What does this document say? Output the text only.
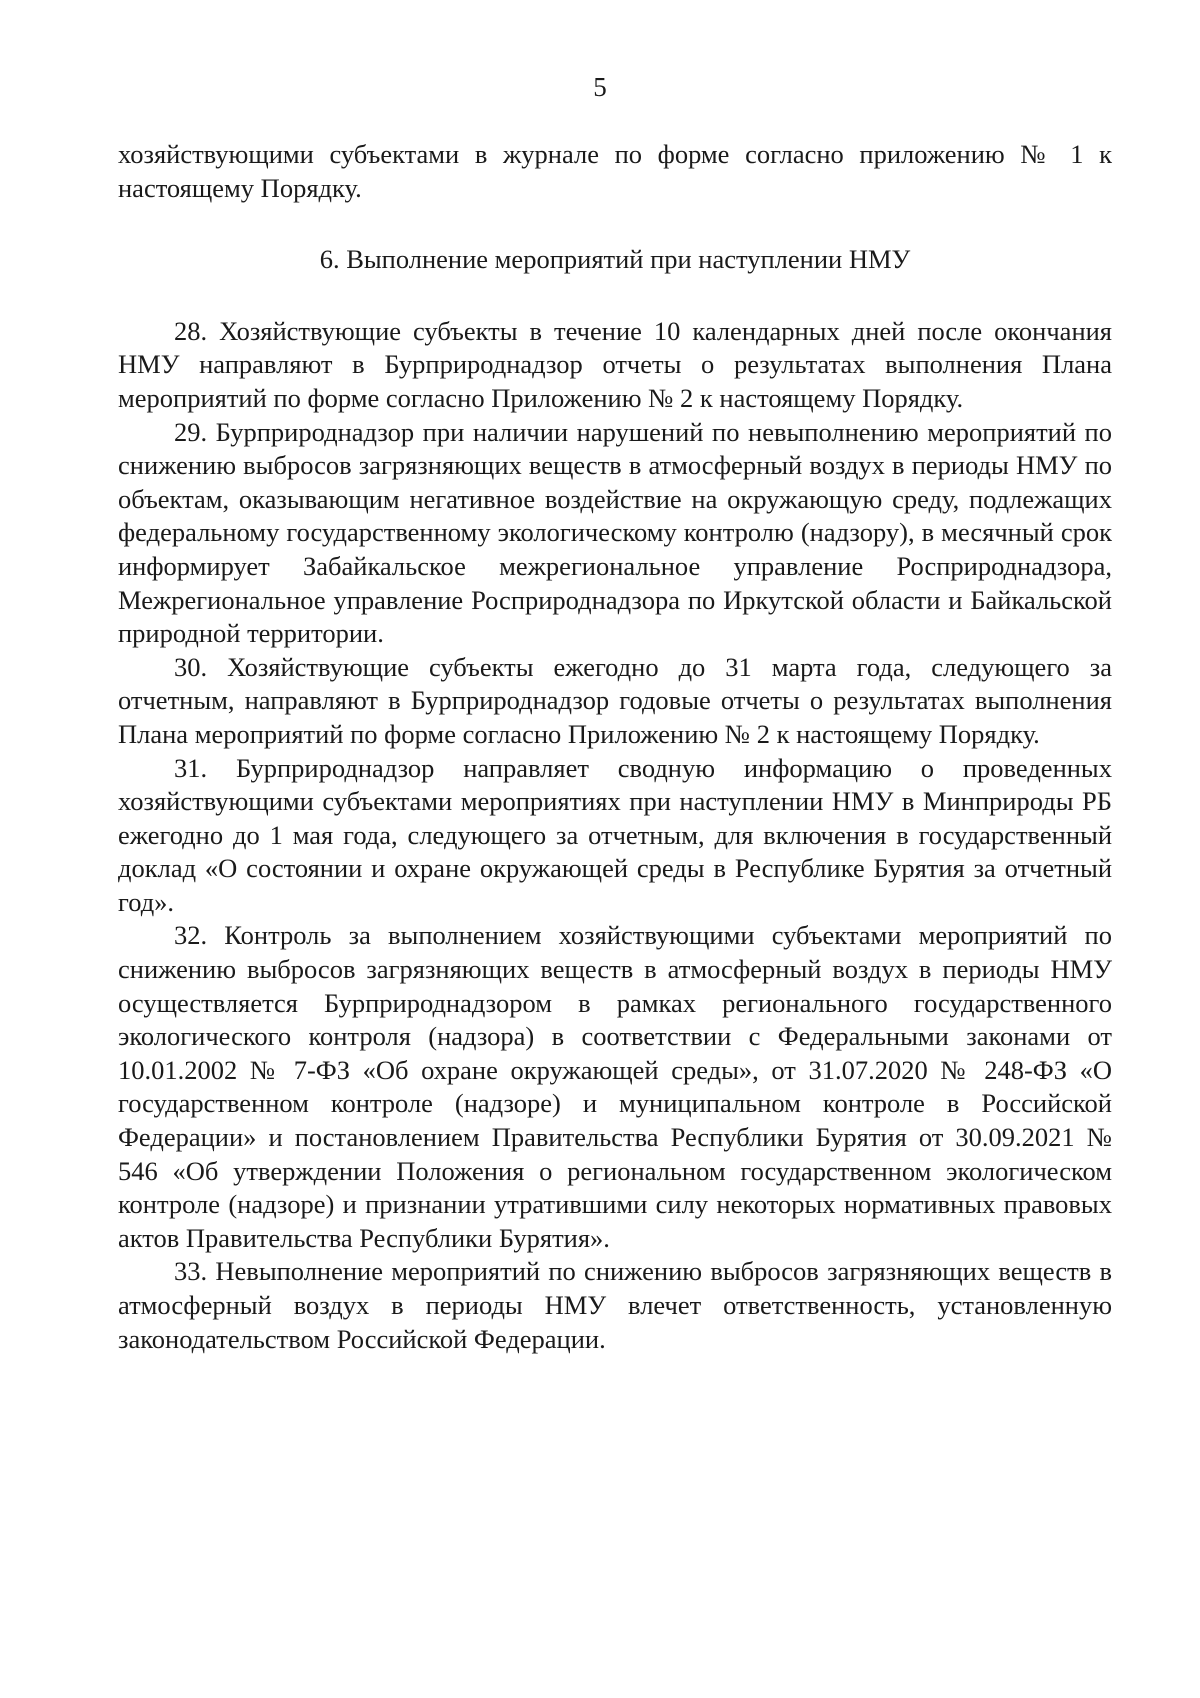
5

хозяйствующими субъектами в журнале по форме согласно приложению № 1 к настоящему Порядку.

6. Выполнение мероприятий при наступлении НМУ

28. Хозяйствующие субъекты в течение 10 календарных дней после окончания НМУ направляют в Бурприроднадзор отчеты о результатах выполнения Плана мероприятий по форме согласно Приложению № 2 к настоящему Порядку.

29. Бурприроднадзор при наличии нарушений по невыполнению мероприятий по снижению выбросов загрязняющих веществ в атмосферный воздух в периоды НМУ по объектам, оказывающим негативное воздействие на окружающую среду, подлежащих федеральному государственному экологическому контролю (надзору), в месячный срок информирует Забайкальское межрегиональное управление Росприроднадзора, Межрегиональное управление Росприроднадзора по Иркутской области и Байкальской природной территории.

30. Хозяйствующие субъекты ежегодно до 31 марта года, следующего за отчетным, направляют в Бурприроднадзор годовые отчеты о результатах выполнения Плана мероприятий по форме согласно Приложению № 2 к настоящему Порядку.

31. Бурприроднадзор направляет сводную информацию о проведенных хозяйствующими субъектами мероприятиях при наступлении НМУ в Минприроды РБ ежегодно до 1 мая года, следующего за отчетным, для включения в государственный доклад «О состоянии и охране окружающей среды в Республике Бурятия за отчетный год».

32. Контроль за выполнением хозяйствующими субъектами мероприятий по снижению выбросов загрязняющих веществ в атмосферный воздух в периоды НМУ осуществляется Бурприроднадзором в рамках регионального государственного экологического контроля (надзора) в соответствии с Федеральными законами от 10.01.2002 № 7-ФЗ «Об охране окружающей среды», от 31.07.2020 № 248-ФЗ «О государственном контроле (надзоре) и муниципальном контроле в Российской Федерации» и постановлением Правительства Республики Бурятия от 30.09.2021 № 546 «Об утверждении Положения о региональном государственном экологическом контроле (надзоре) и признании утратившими силу некоторых нормативных правовых актов Правительства Республики Бурятия».

33. Невыполнение мероприятий по снижению выбросов загрязняющих веществ в атмосферный воздух в периоды НМУ влечет ответственность, установленную законодательством Российской Федерации.
